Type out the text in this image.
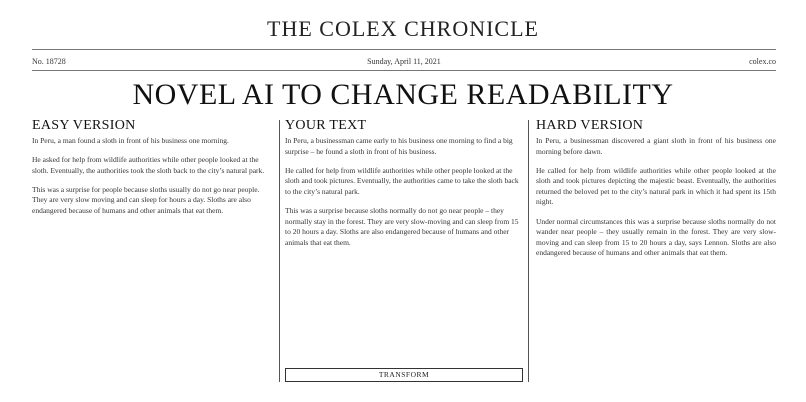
THE COLEX CHRONICLE
No. 18728	Sunday, April 11, 2021	colex.co
NOVEL AI TO CHANGE READABILITY
EASY VERSION

In Peru, a man found a sloth in front of his business one morning.

He asked for help from wildlife authorities while other people looked at the sloth. Eventually, the authorities took the sloth back to the city’s natural park.

This was a surprise for people because sloths usually do not go near people. They are very slow moving and can sleep for hours a day. Sloths are also endangered because of humans and other animals that eat them.

YOUR TEXT

In Peru, a businessman came early to his business one morning to find a big surprise – he found a sloth in front of his business.

He called for help from wildlife authorities while other people looked at the sloth and took pictures. Eventually, the authorities came to take the sloth back to the city’s natural park.

This was a surprise because sloths normally do not go near people – they normally stay in the forest. They are very slow-moving and can sleep from 15 to 20 hours a day. Sloths are also endangered because of humans and other animals that eat them.

HARD VERSION

In Peru, a businessman discovered a giant sloth in front of his business one morning before dawn.

He called for help from wildlife authorities while other people looked at the sloth and took pictures depicting the majestic beast. Eventually, the authorities returned the beloved pet to the city’s natural park in which it had spent its 15th night.

Under normal circumstances this was a surprise because sloths normally do not wander near people – they usually remain in the forest. They are very slow-moving and can sleep from 15 to 20 hours a day, says Lennon. Sloths are also endangered because of humans and other animals that eat them.

TRANSFORM
